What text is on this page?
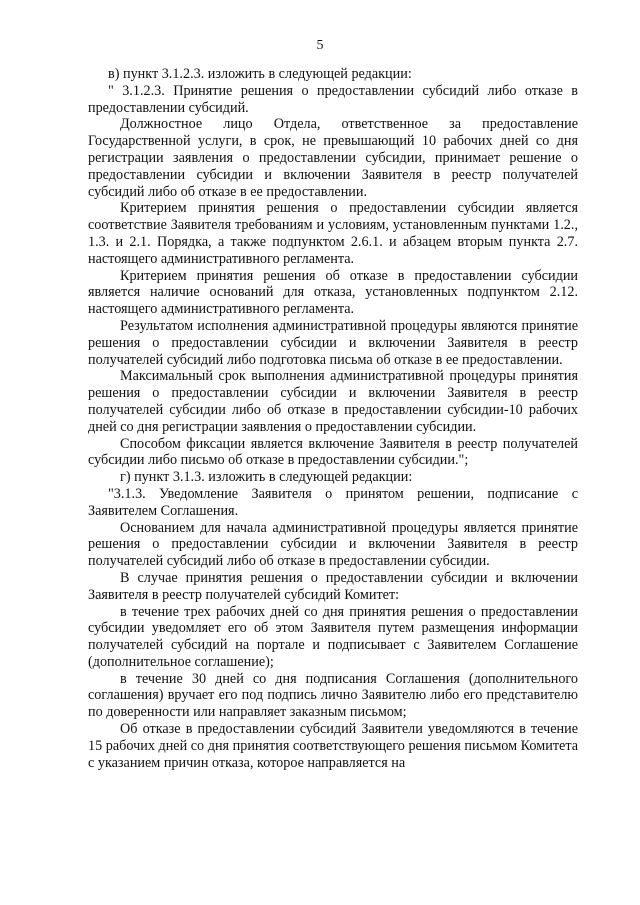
5

в) пункт 3.1.2.3. изложить в следующей редакции:

" 3.1.2.3. Принятие решения о предоставлении субсидий либо отказе в предоставлении субсидий.

Должностное лицо Отдела, ответственное за предоставление Государственной услуги, в срок, не превышающий 10 рабочих дней со дня регистрации заявления о предоставлении субсидии, принимает решение о предоставлении субсидии и включении Заявителя в реестр получателей субсидий либо об отказе в ее предоставлении.

Критерием принятия решения о предоставлении субсидии является соответствие Заявителя требованиям и условиям, установленным пунктами 1.2., 1.3. и 2.1. Порядка, а также подпунктом 2.6.1. и абзацем вторым пункта 2.7. настоящего административного регламента.

Критерием принятия решения об отказе в предоставлении субсидии является наличие оснований для отказа, установленных подпунктом 2.12. настоящего административного регламента.

Результатом исполнения административной процедуры являются принятие решения о предоставлении субсидии и включении Заявителя в реестр получателей субсидий либо подготовка письма об отказе в ее предоставлении.

Максимальный срок выполнения административной процедуры принятия решения о предоставлении субсидии и включении Заявителя в реестр получателей субсидии либо об отказе в предоставлении субсидии-10 рабочих дней со дня регистрации заявления о предоставлении субсидии.

Способом фиксации является включение Заявителя в реестр получателей субсидии либо письмо об отказе в предоставлении субсидии.";

г) пункт 3.1.3. изложить в следующей редакции:

"3.1.3. Уведомление Заявителя о принятом решении, подписание с Заявителем Соглашения.

Основанием для начала административной процедуры является принятие решения о предоставлении субсидии и включении Заявителя в реестр получателей субсидий либо об отказе в предоставлении субсидии.

В случае принятия решения о предоставлении субсидии и включении Заявителя в реестр получателей субсидий Комитет:

в течение трех рабочих дней со дня принятия решения о предоставлении субсидии уведомляет его об этом Заявителя путем размещения информации получателей субсидий на портале и подписывает с Заявителем Соглашение (дополнительное соглашение);

в течение 30 дней со дня подписания Соглашения (дополнительного соглашения) вручает его под подпись лично Заявителю либо его представителю по доверенности или направляет заказным письмом;

Об отказе в предоставлении субсидий Заявители уведомляются в течение 15 рабочих дней со дня принятия соответствующего решения письмом Комитета с указанием причин отказа, которое направляется на
